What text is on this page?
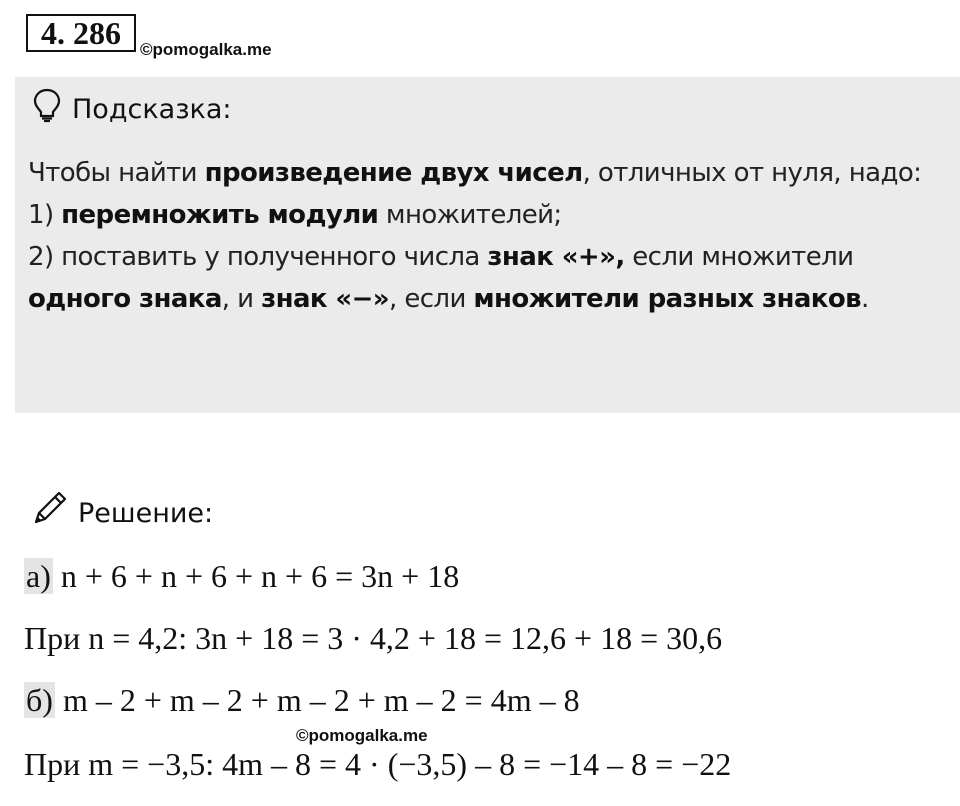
4. 286	©pomogalka.me
Подсказка:

Чтобы найти произведение двух чисел, отличных от нуля, надо:

1) перемножить модули множителей;

2) поставить у полученного числа знак «+», если множители одного знака, и знак «−», если множители разных знаков.

Решение:
а) n + 6 + n + 6 + n + 6 = 3n + 18
При n = 4,2: 3n + 18 = 3 · 4,2 + 18 = 12,6 + 18 = 30,6
б) m – 2 + m – 2 + m – 2 + m – 2 = 4m – 8
©pomogalka.me
При m = −3,5: 4m – 8 = 4 · (−3,5) – 8 = −14 – 8 = −22
